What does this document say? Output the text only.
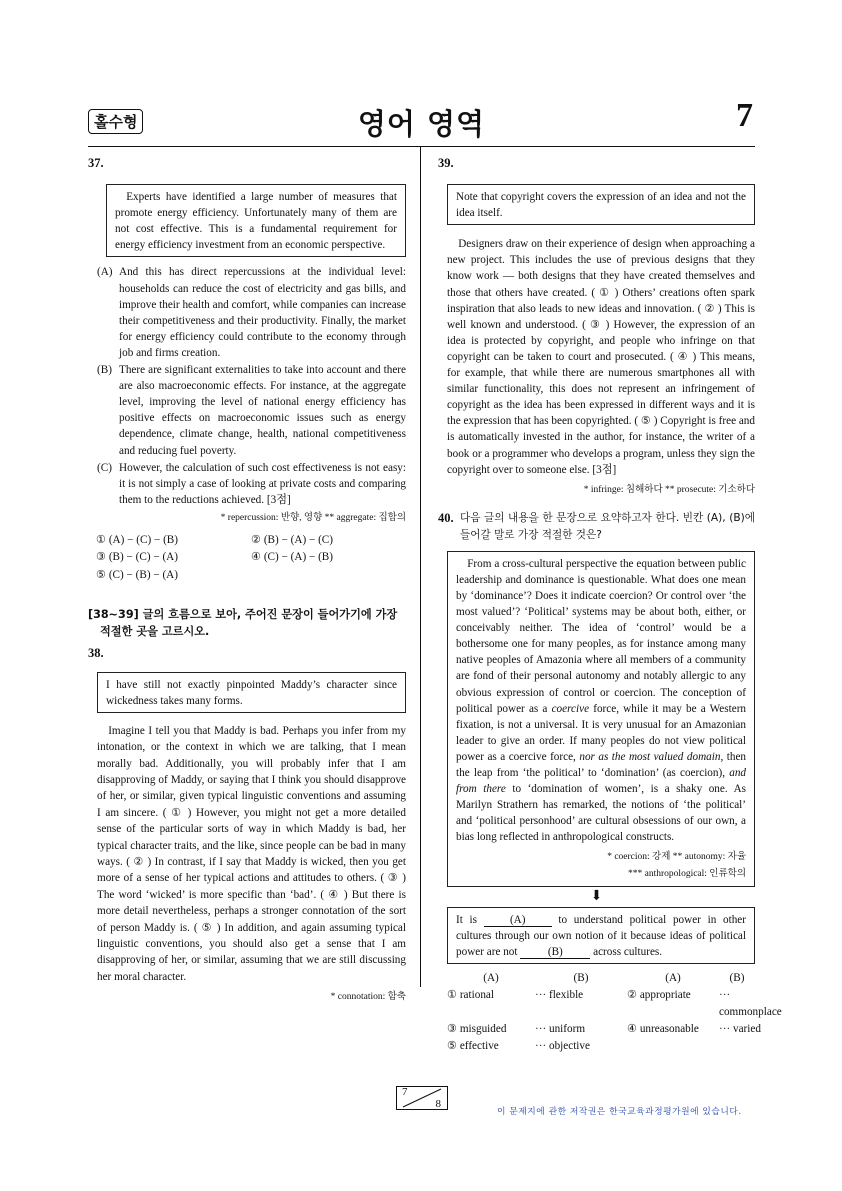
홀수형	영어 영역	7

37.

Experts have identified a large number of measures that promote energy efficiency. Unfortunately many of them are not cost effective. This is a fundamental requirement for energy efficiency investment from an economic perspective.
(A) And this has direct repercussions at the individual level: households can reduce the cost of electricity and gas bills, and improve their health and comfort, while companies can increase their competitiveness and their productivity. Finally, the market for energy efficiency could contribute to the economy through job and firms creation.
(B) There are significant externalities to take into account and there are also macroeconomic effects. For instance, at the aggregate level, improving the level of national energy efficiency has positive effects on macroeconomic issues such as energy dependence, climate change, health, national competitiveness and reducing fuel poverty.
(C) However, the calculation of such cost effectiveness is not easy: it is not simply a case of looking at private costs and comparing them to the reductions achieved. [3점]

* repercussion: 반향, 영향 ** aggregate: 집합의

① (A) − (C) − (B)	② (B) − (A) − (C)
③ (B) − (C) − (A)	④ (C) − (A) − (B)
⑤ (C) − (B) − (A)

[38∼39] 글의 흐름으로 보아, 주어진 문장이 들어가기에 가장

적절한 곳을 고르시오.

38.

I have still not exactly pinpointed Maddy’s character since wickedness takes many forms.

Imagine I tell you that Maddy is bad. Perhaps you infer from my intonation, or the context in which we are talking, that I mean morally bad. Additionally, you will probably infer that I am disapproving of Maddy, or saying that I think you should disapprove of her, or similar, given typical linguistic conventions and assuming I am sincere. ( ① ) However, you might not get a more detailed sense of the particular sorts of way in which Maddy is bad, her typical character traits, and the like, since people can be bad in many ways. ( ② ) In contrast, if I say that Maddy is wicked, then you get more of a sense of her typical actions and attitudes to others. ( ③ ) The word ‘wicked’ is more specific than ‘bad’. ( ④ ) But there is more detail nevertheless, perhaps a stronger connotation of the sort of person Maddy is. ( ⑤ ) In addition, and again assuming typical linguistic conventions, you should also get a sense that I am disapproving of her, or similar, assuming that we are still discussing her moral character.

* connotation: 함축

39.

Note that copyright covers the expression of an idea and not the idea itself.

Designers draw on their experience of design when approaching a new project. This includes the use of previous designs that they know work — both designs that they have created themselves and those that others have created. ( ① ) Others’ creations often spark inspiration that also leads to new ideas and innovation. ( ② ) This is well known and understood. ( ③ ) However, the expression of an idea is protected by copyright, and people who infringe on that copyright can be taken to court and prosecuted. ( ④ ) This means, for example, that while there are numerous smartphones all with similar functionality, this does not represent an infringement of copyright as the idea has been expressed in different ways and it is the expression that has been copyrighted. ( ⑤ ) Copyright is free and is automatically invested in the author, for instance, the writer of a book or a programmer who develops a program, unless they sign the copyright over to someone else. [3점]

* infringe: 침해하다 ** prosecute: 기소하다

40. 다음 글의 내용을 한 문장으로 요약하고자 한다. 빈칸 (A), (B)에 들어갈 말로 가장 적절한 것은?

From a cross-cultural perspective the equation between public leadership and dominance is questionable. What does one mean by ‘dominance’? Does it indicate coercion? Or control over ‘the most valued’? ‘Political’ systems may be about both, either, or conceivably neither. The idea of ‘control’ would be a bothersome one for many peoples, as for instance among many native peoples of Amazonia where all members of a community are fond of their personal autonomy and notably allergic to any obvious expression of control or coercion. The conception of political power as a coercive force, while it may be a Western fixation, is not a universal. It is very unusual for an Amazonian leader to give an order. If many peoples do not view political power as a coercive force, nor as the most valued domain, then the leap from ‘the political’ to ‘domination’ (as coercion), and from there to ‘domination of women’, is a shaky one. As Marilyn Strathern has remarked, the notions of ‘the political’ and ‘political personhood’ are cultural obsessions of our own, a bias long reflected in anthropological constructs.

* coercion: 강제 ** autonomy: 자율

*** anthropological: 인류학의

⬇
It is	(A)	to understand political power in other cultures through our own notion of it because ideas of political power are not	(B)	across cultures.
(A)	(B)	(A)	(B)
① rational	··· flexible	② appropriate	··· commonplace
③ misguided	··· uniform	④ unreasonable	··· varied
⑤ effective	··· objective
7
8
이 문제지에 관한 저작권은 한국교육과정평가원에 있습니다.
